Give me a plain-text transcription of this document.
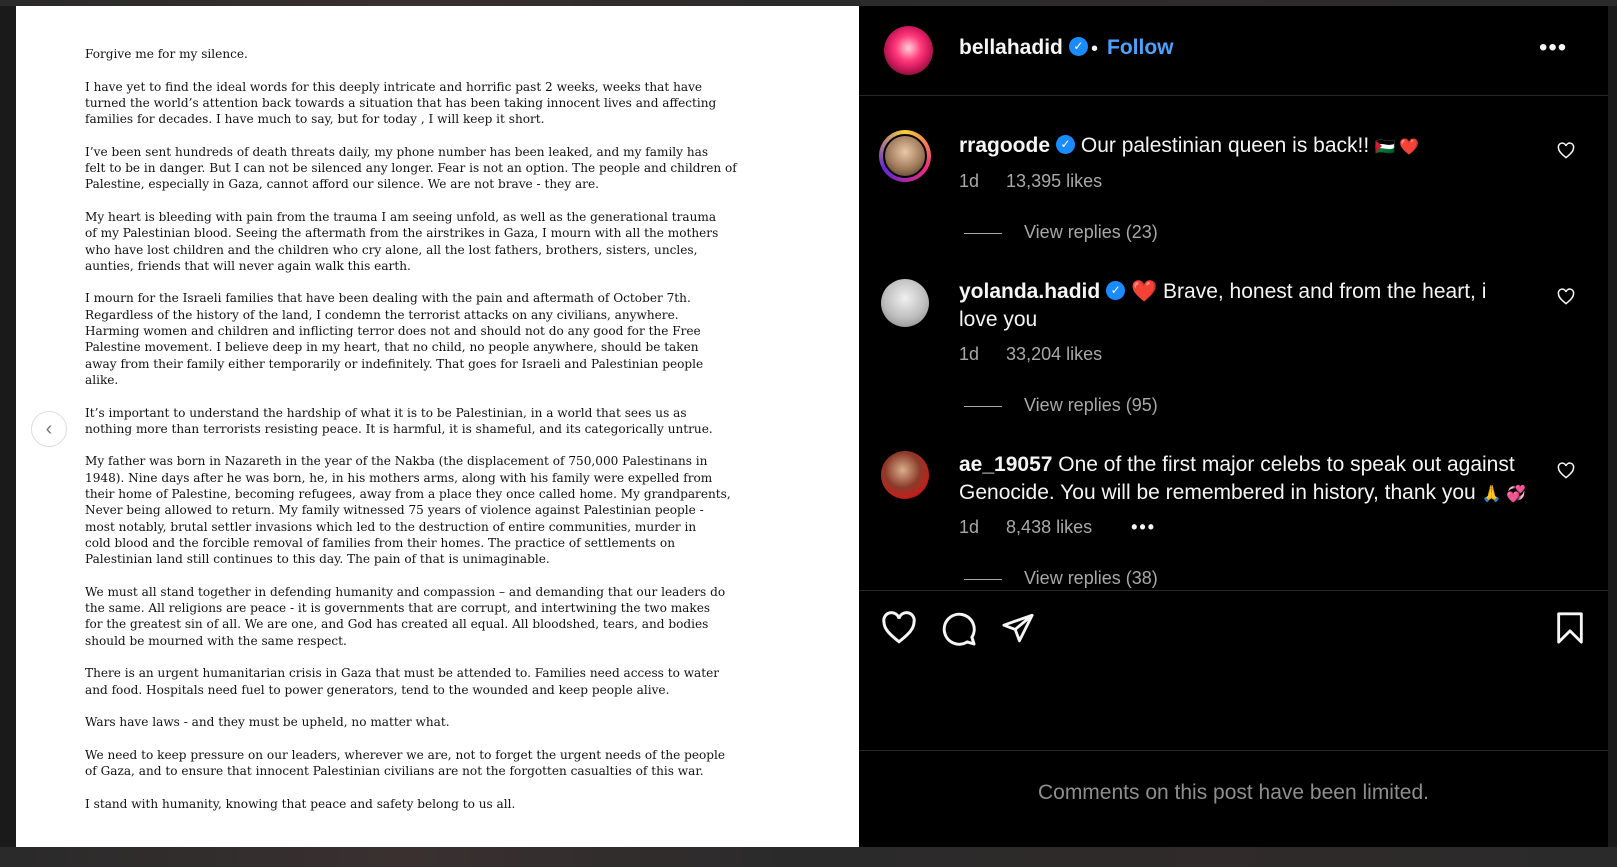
Forgive me for my silence.

I have yet to find the ideal words for this deeply intricate and horrific past 2 weeks, weeks that have
turned the world’s attention back towards a situation that has been taking innocent lives and affecting
families for decades. I have much to say, but for today , I will keep it short.

I’ve been sent hundreds of death threats daily, my phone number has been leaked, and my family has
felt to be in danger. But I can not be silenced any longer. Fear is not an option. The people and children of
Palestine, especially in Gaza, cannot afford our silence. We are not brave - they are.

My heart is bleeding with pain from the trauma I am seeing unfold, as well as the generational trauma
of my Palestinian blood. Seeing the aftermath from the airstrikes in Gaza, I mourn with all the mothers
who have lost children and the children who cry alone, all the lost fathers, brothers, sisters, uncles,
aunties, friends that will never again walk this earth.

I mourn for the Israeli families that have been dealing with the pain and aftermath of October 7th.
Regardless of the history of the land, I condemn the terrorist attacks on any civilians, anywhere.
Harming women and children and inflicting terror does not and should not do any good for the Free
Palestine movement. I believe deep in my heart, that no child, no people anywhere, should be taken
away from their family either temporarily or indefinitely. That goes for Israeli and Palestinian people
alike.

It’s important to understand the hardship of what it is to be Palestinian, in a world that sees us as
nothing more than terrorists resisting peace. It is harmful, it is shameful, and its categorically untrue.

My father was born in Nazareth in the year of the Nakba (the displacement of 750,000 Palestinans in
1948). Nine days after he was born, he, in his mothers arms, along with his family were expelled from
their home of Palestine, becoming refugees, away from a place they once called home. My grandparents,
Never being allowed to return. My family witnessed 75 years of violence against Palestinian people -
most notably, brutal settler invasions which led to the destruction of entire communities, murder in
cold blood and the forcible removal of families from their homes. The practice of settlements on
Palestinian land still continues to this day. The pain of that is unimaginable.

We must all stand together in defending humanity and compassion – and demanding that our leaders do
the same. All religions are peace - it is governments that are corrupt, and intertwining the two makes
for the greatest sin of all. We are one, and God has created all equal. All bloodshed, tears, and bodies
should be mourned with the same respect.

There is an urgent humanitarian crisis in Gaza that must be attended to. Families need access to water
and food. Hospitals need fuel to power generators, tend to the wounded and keep people alive.

Wars have laws - and they must be upheld, no matter what.

We need to keep pressure on our leaders, wherever we are, not to forget the urgent needs of the people
of Gaza, and to ensure that innocent Palestinian civilians are not the forgotten casualties of this war.

I stand with humanity, knowing that peace and safety belong to us all.

‹
bellahadid ✓ • Follow	•••
rragoode ✓ Our palestinian queen is back!! 🇵🇸 ❤️
1d 13,395 likes
View replies (23)
yolanda.hadid ✓ ❤️ Brave, honest and from the heart, i love you
1d 33,204 likes
View replies (95)
ae_19057 One of the first major celebs to speak out against Genocide. You will be remembered in history, thank you 🙏 💞
1d 8,438 likes •••
View replies (38)
Comments on this post have been limited.
